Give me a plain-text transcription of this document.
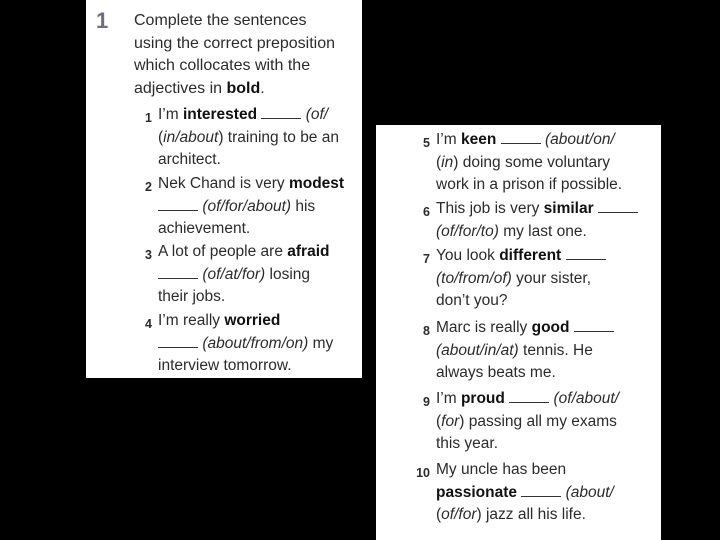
1 Complete the sentences
using the correct preposition
which collocates with the
adjectives in bold.
1 I’m interested	(of/
(in/about) training to be an
architect.
2 Nek Chand is very modest
(of/for/about) his
achievement.
3 A lot of people are afraid
(of/at/for) losing
their jobs.
4 I’m really worried
(about/from/on) my
interview tomorrow.
5 I’m keen	(about/on/
(in) doing some voluntary
work in a prison if possible.
6 This job is very similar
(of/for/to) my last one.
7 You look different
(to/from/of) your sister,
don’t you?
8 Marc is really good
(about/in/at) tennis. He
always beats me.
9 I’m proud	(of/about/
(for) passing all my exams
this year.
10 My uncle has been
passionate	(about/
(of/for) jazz all his life.
